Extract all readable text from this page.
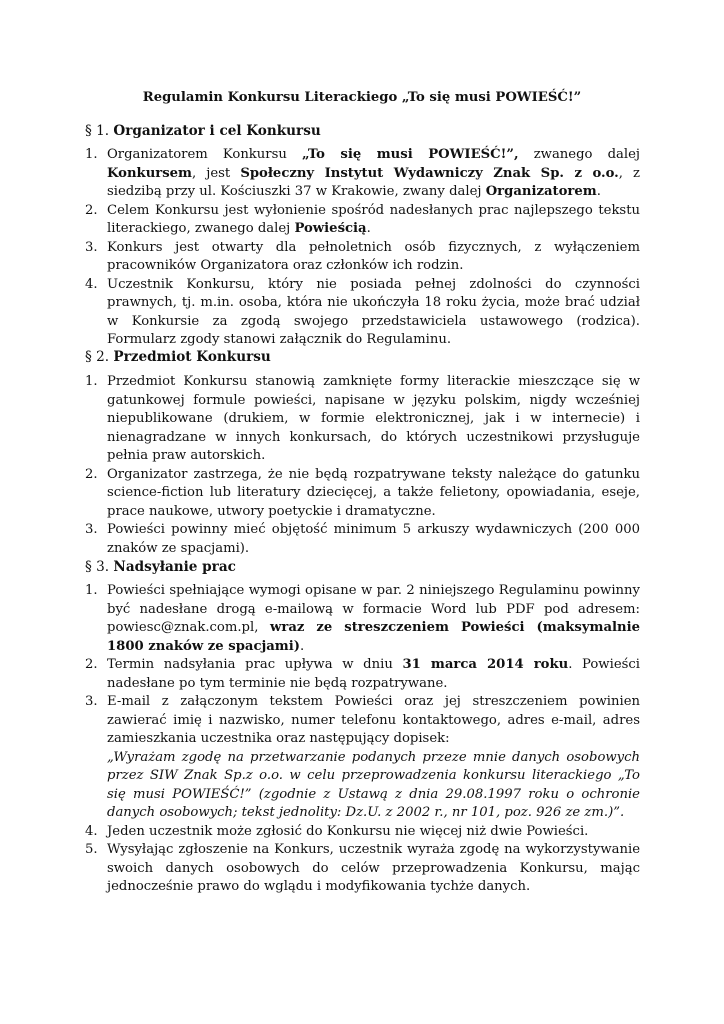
Regulamin Konkursu Literackiego „To się musi POWIEŚĆ!”
§ 1. Organizator i cel Konkursu
1. Organizatorem Konkursu „To się musi POWIEŚĆ!”, zwanego dalej Konkursem, jest Społeczny Instytut Wydawniczy Znak Sp. z o.o., z siedzibą przy ul. Kościuszki 37 w Krakowie, zwany dalej Organizatorem.
2. Celem Konkursu jest wyłonienie spośród nadesłanych prac najlepszego tekstu literackiego, zwanego dalej Powieścią.
3. Konkurs jest otwarty dla pełnoletnich osób fizycznych, z wyłączeniem pracowników Organizatora oraz członków ich rodzin.
4. Uczestnik Konkursu, który nie posiada pełnej zdolności do czynności prawnych, tj. m.in. osoba, która nie ukończyła 18 roku życia, może brać udział w Konkursie za zgodą swojego przedstawiciela ustawowego (rodzica). Formularz zgody stanowi załącznik do Regulaminu.
§ 2. Przedmiot Konkursu
1. Przedmiot Konkursu stanowią zamknięte formy literackie mieszczące się w gatunkowej formule powieści, napisane w języku polskim, nigdy wcześniej niepublikowane (drukiem, w formie elektronicznej, jak i w internecie) i nienagradzane w innych konkursach, do których uczestnikowi przysługuje pełnia praw autorskich.
2. Organizator zastrzega, że nie będą rozpatrywane teksty należące do gatunku science-fiction lub literatury dziecięcej, a także felietony, opowiadania, eseje, prace naukowe, utwory poetyckie i dramatyczne.
3. Powieści powinny mieć objętość minimum 5 arkuszy wydawniczych (200 000 znaków ze spacjami).
§ 3. Nadsyłanie prac
1. Powieści spełniające wymogi opisane w par. 2 niniejszego Regulaminu powinny być nadesłane drogą e-mailową w formacie Word lub PDF pod adresem: powiesc@znak.com.pl, wraz ze streszczeniem Powieści (maksymalnie 1800 znaków ze spacjami).
2. Termin nadsyłania prac upływa w dniu 31 marca 2014 roku. Powieści nadesłane po tym terminie nie będą rozpatrywane.
3. E-mail z załączonym tekstem Powieści oraz jej streszczeniem powinien zawierać imię i nazwisko, numer telefonu kontaktowego, adres e-mail, adres zamieszkania uczestnika oraz następujący dopisek:
„Wyrażam zgodę na przetwarzanie podanych przeze mnie danych osobowych przez SIW Znak Sp.z o.o. w celu przeprowadzenia konkursu literackiego „To się musi POWIEŚĆ!” (zgodnie z Ustawą z dnia 29.08.1997 roku o ochronie danych osobowych; tekst jednolity: Dz.U. z 2002 r., nr 101, poz. 926 ze zm.)”.
4. Jeden uczestnik może zgłosić do Konkursu nie więcej niż dwie Powieści.
5. Wysyłając zgłoszenie na Konkurs, uczestnik wyraża zgodę na wykorzystywanie swoich danych osobowych do celów przeprowadzenia Konkursu, mając jednocześnie prawo do wglądu i modyfikowania tychże danych.
